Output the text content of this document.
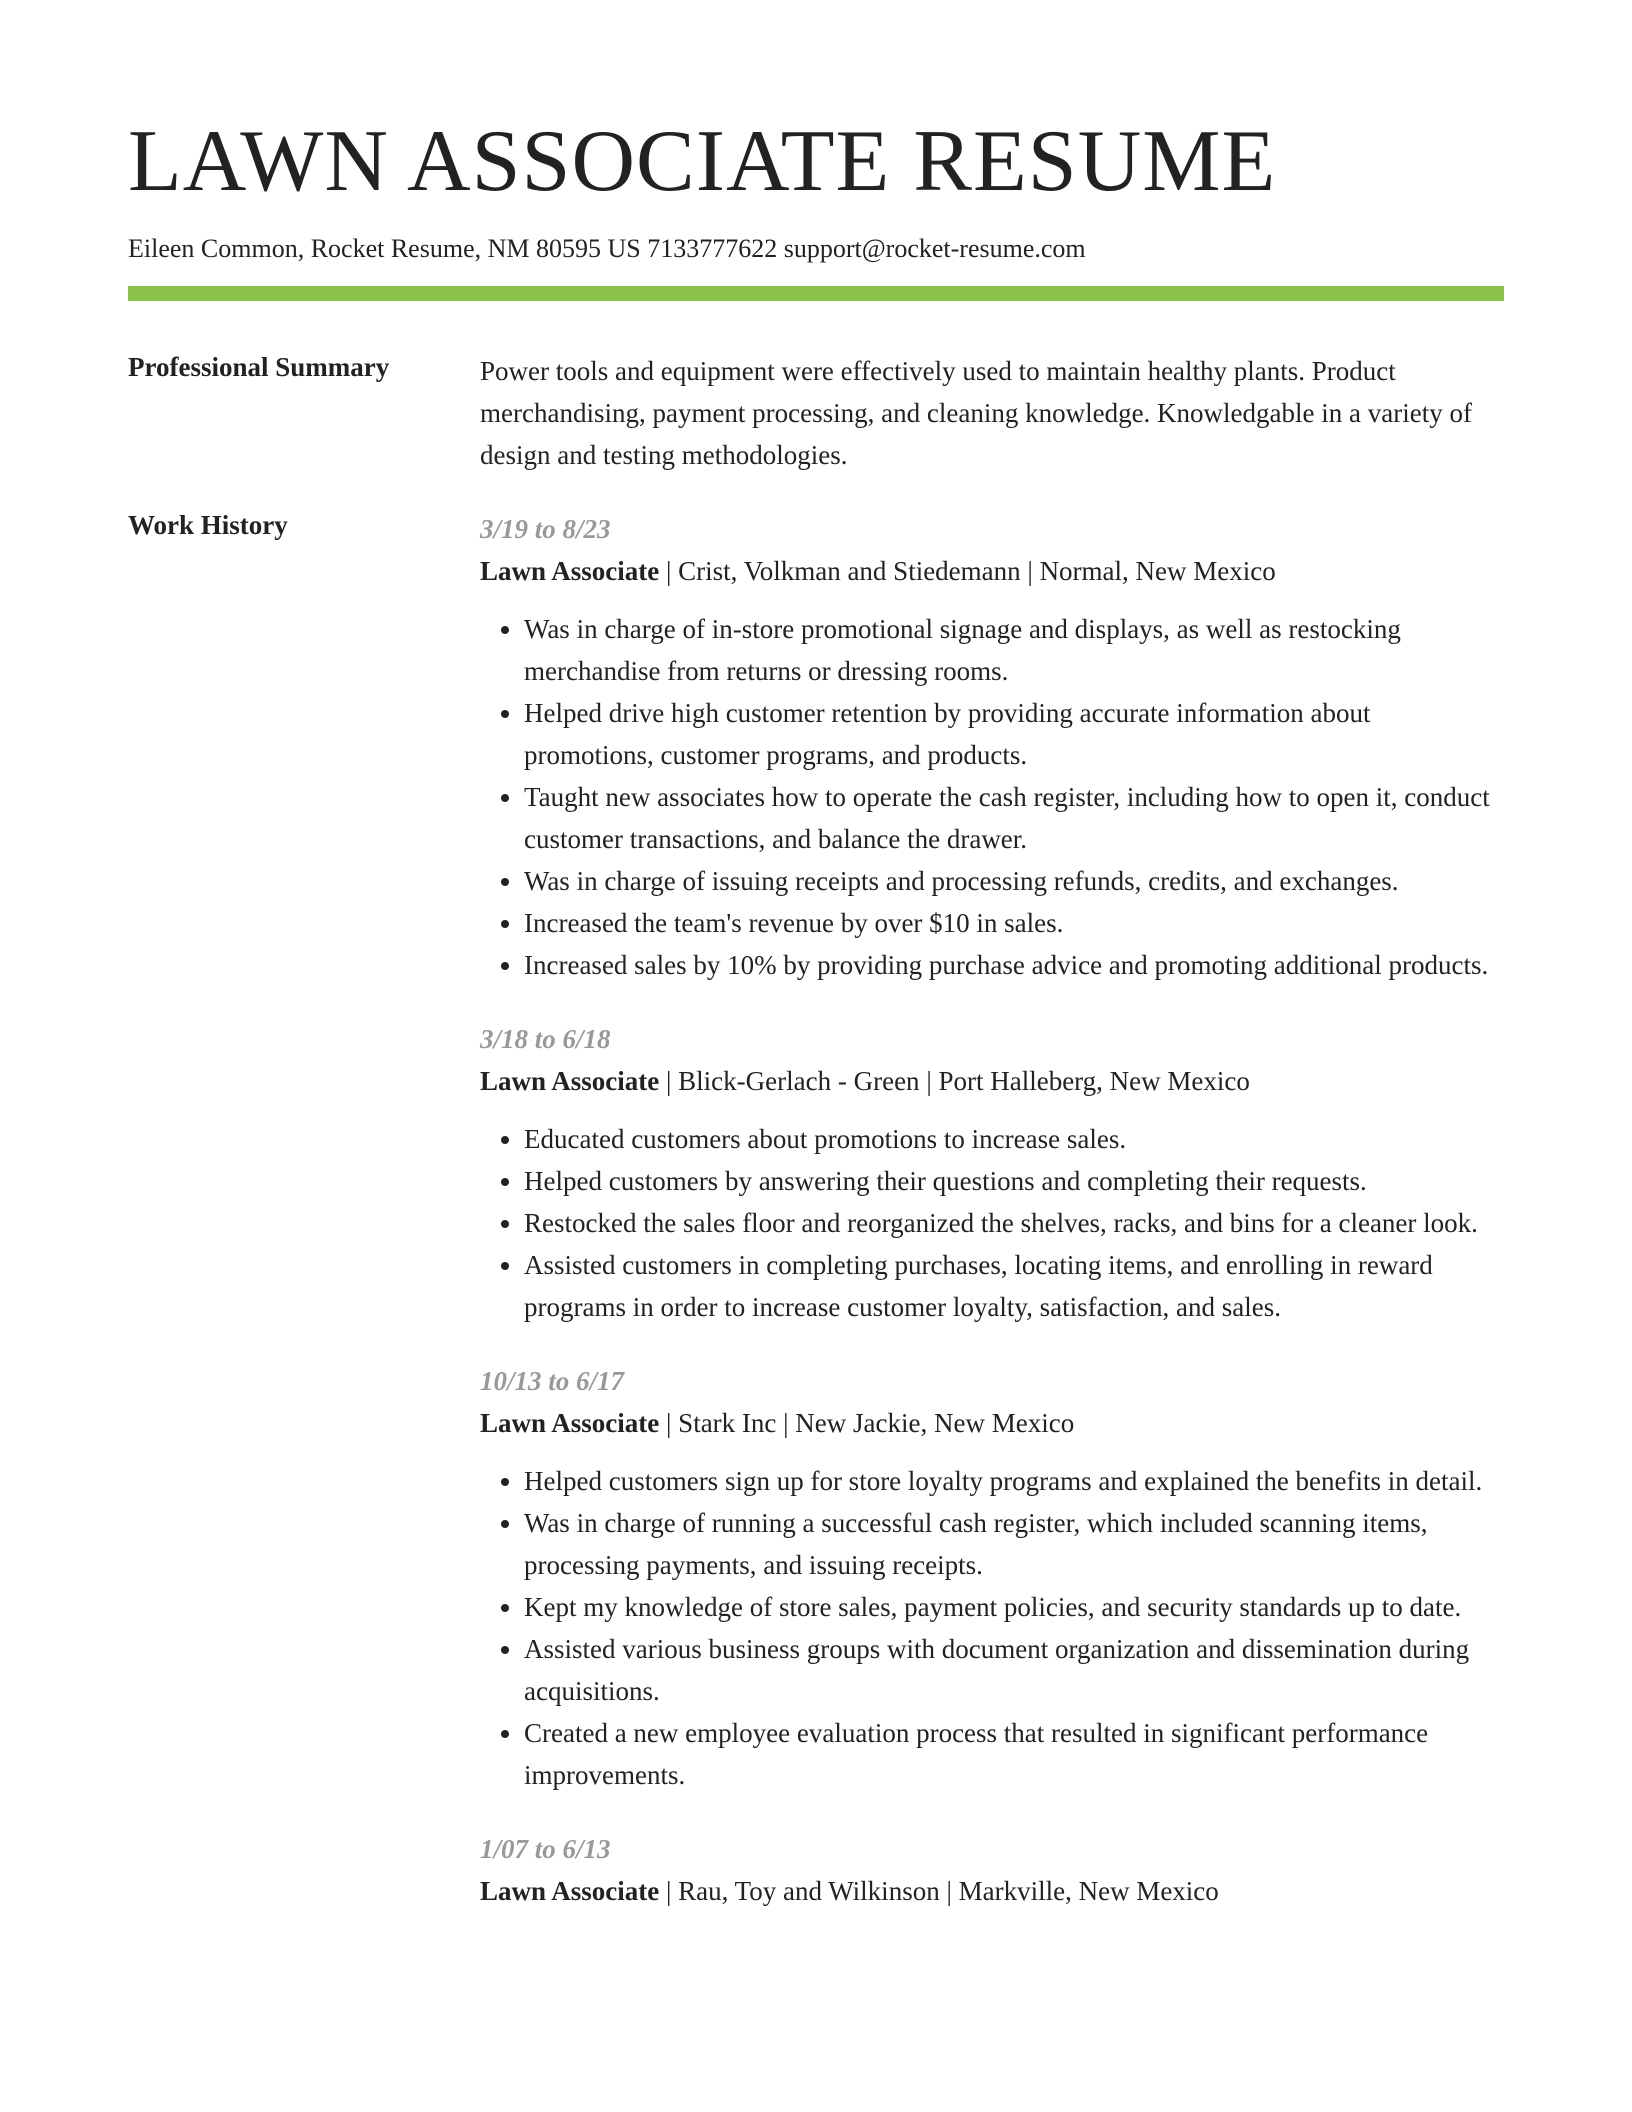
LAWN ASSOCIATE RESUME
Eileen Common, Rocket Resume, NM 80595 US 7133777622 support@rocket-resume.com
Professional Summary	Power tools and equipment were effectively used to maintain healthy plants. Product merchandising, payment processing, and cleaning knowledge. Knowledgable in a variety of design and testing methodologies.

Work History	3/19 to 8/23
Lawn Associate | Crist, Volkman and Stiedemann | Normal, New Mexico
• Was in charge of in-store promotional signage and displays, as well as restocking merchandise from returns or dressing rooms.
• Helped drive high customer retention by providing accurate information about promotions, customer programs, and products.
• Taught new associates how to operate the cash register, including how to open it, conduct customer transactions, and balance the drawer.
• Was in charge of issuing receipts and processing refunds, credits, and exchanges.
• Increased the team's revenue by over $10 in sales.
• Increased sales by 10% by providing purchase advice and promoting additional products.
3/18 to 6/18
Lawn Associate | Blick-Gerlach - Green | Port Halleberg, New Mexico
• Educated customers about promotions to increase sales.
• Helped customers by answering their questions and completing their requests.
• Restocked the sales floor and reorganized the shelves, racks, and bins for a cleaner look.
• Assisted customers in completing purchases, locating items, and enrolling in reward programs in order to increase customer loyalty, satisfaction, and sales.
10/13 to 6/17
Lawn Associate | Stark Inc | New Jackie, New Mexico
• Helped customers sign up for store loyalty programs and explained the benefits in detail.
• Was in charge of running a successful cash register, which included scanning items, processing payments, and issuing receipts.
• Kept my knowledge of store sales, payment policies, and security standards up to date.
• Assisted various business groups with document organization and dissemination during acquisitions.
• Created a new employee evaluation process that resulted in significant performance improvements.
1/07 to 6/13
Lawn Associate | Rau, Toy and Wilkinson | Markville, New Mexico
